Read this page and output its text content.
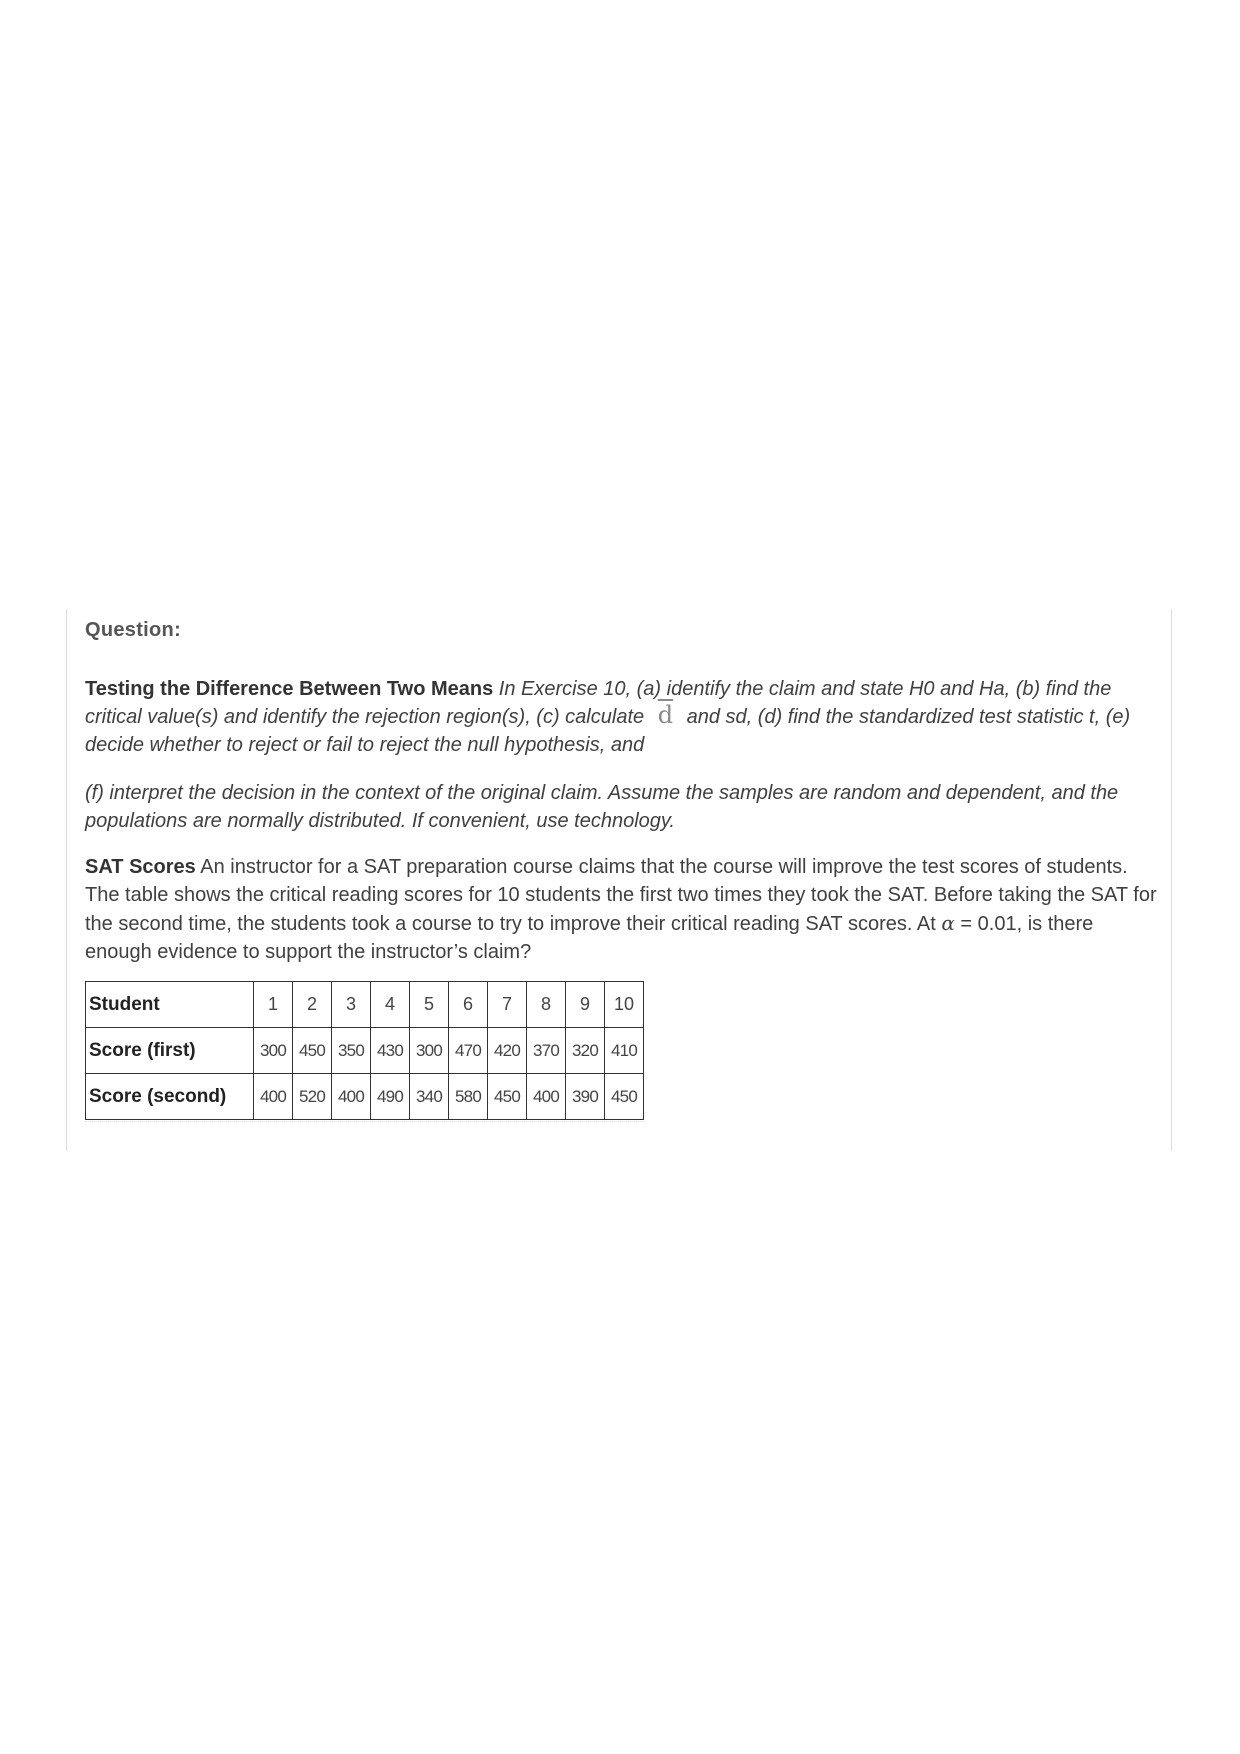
Question:
Testing the Difference Between Two Means In Exercise 10, (a) identify the claim and state H0 and Ha, (b) find the critical value(s) and identify the rejection region(s), (c) calculate $\overline{d}$ and sd, (d) find the standardized test statistic t, (e) decide whether to reject or fail to reject the null hypothesis, and
(f) interpret the decision in the context of the original claim. Assume the samples are random and dependent, and the populations are normally distributed. If convenient, use technology.
SAT Scores An instructor for a SAT preparation course claims that the course will improve the test scores of students. The table shows the critical reading scores for 10 students the first two times they took the SAT. Before taking the SAT for the second time, the students took a course to try to improve their critical reading SAT scores. At α = 0.01, is there enough evidence to support the instructor’s claim?
Student	1	2	3	4	5	6	7	8	9	10
Score (first)	300	450	350	430	300	470	420	370	320	410
Score (second)	400	520	400	490	340	580	450	400	390	450
